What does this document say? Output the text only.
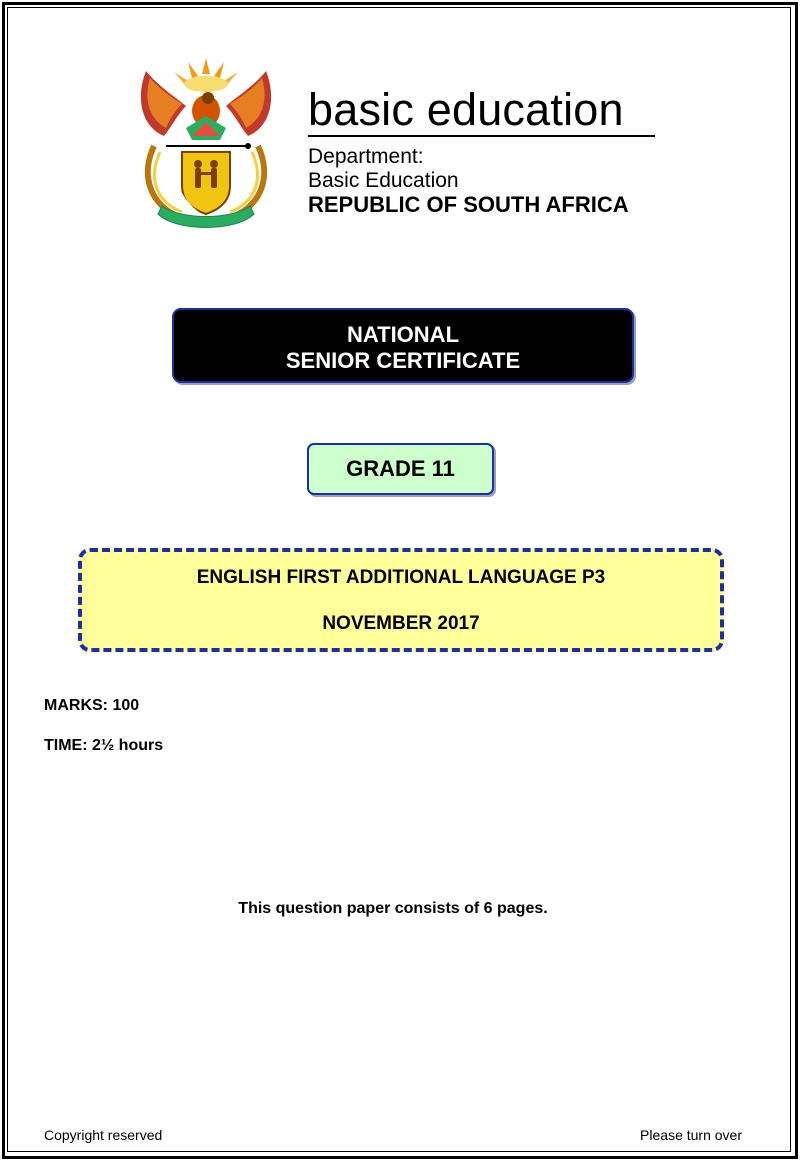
basic education
Department:
Basic Education
REPUBLIC OF SOUTH AFRICA
NATIONAL
SENIOR CERTIFICATE
GRADE 11
ENGLISH FIRST ADDITIONAL LANGUAGE P3
NOVEMBER 2017
MARKS: 100
TIME: 2½ hours
This question paper consists of 6 pages.
Copyright reserved	Please turn over
